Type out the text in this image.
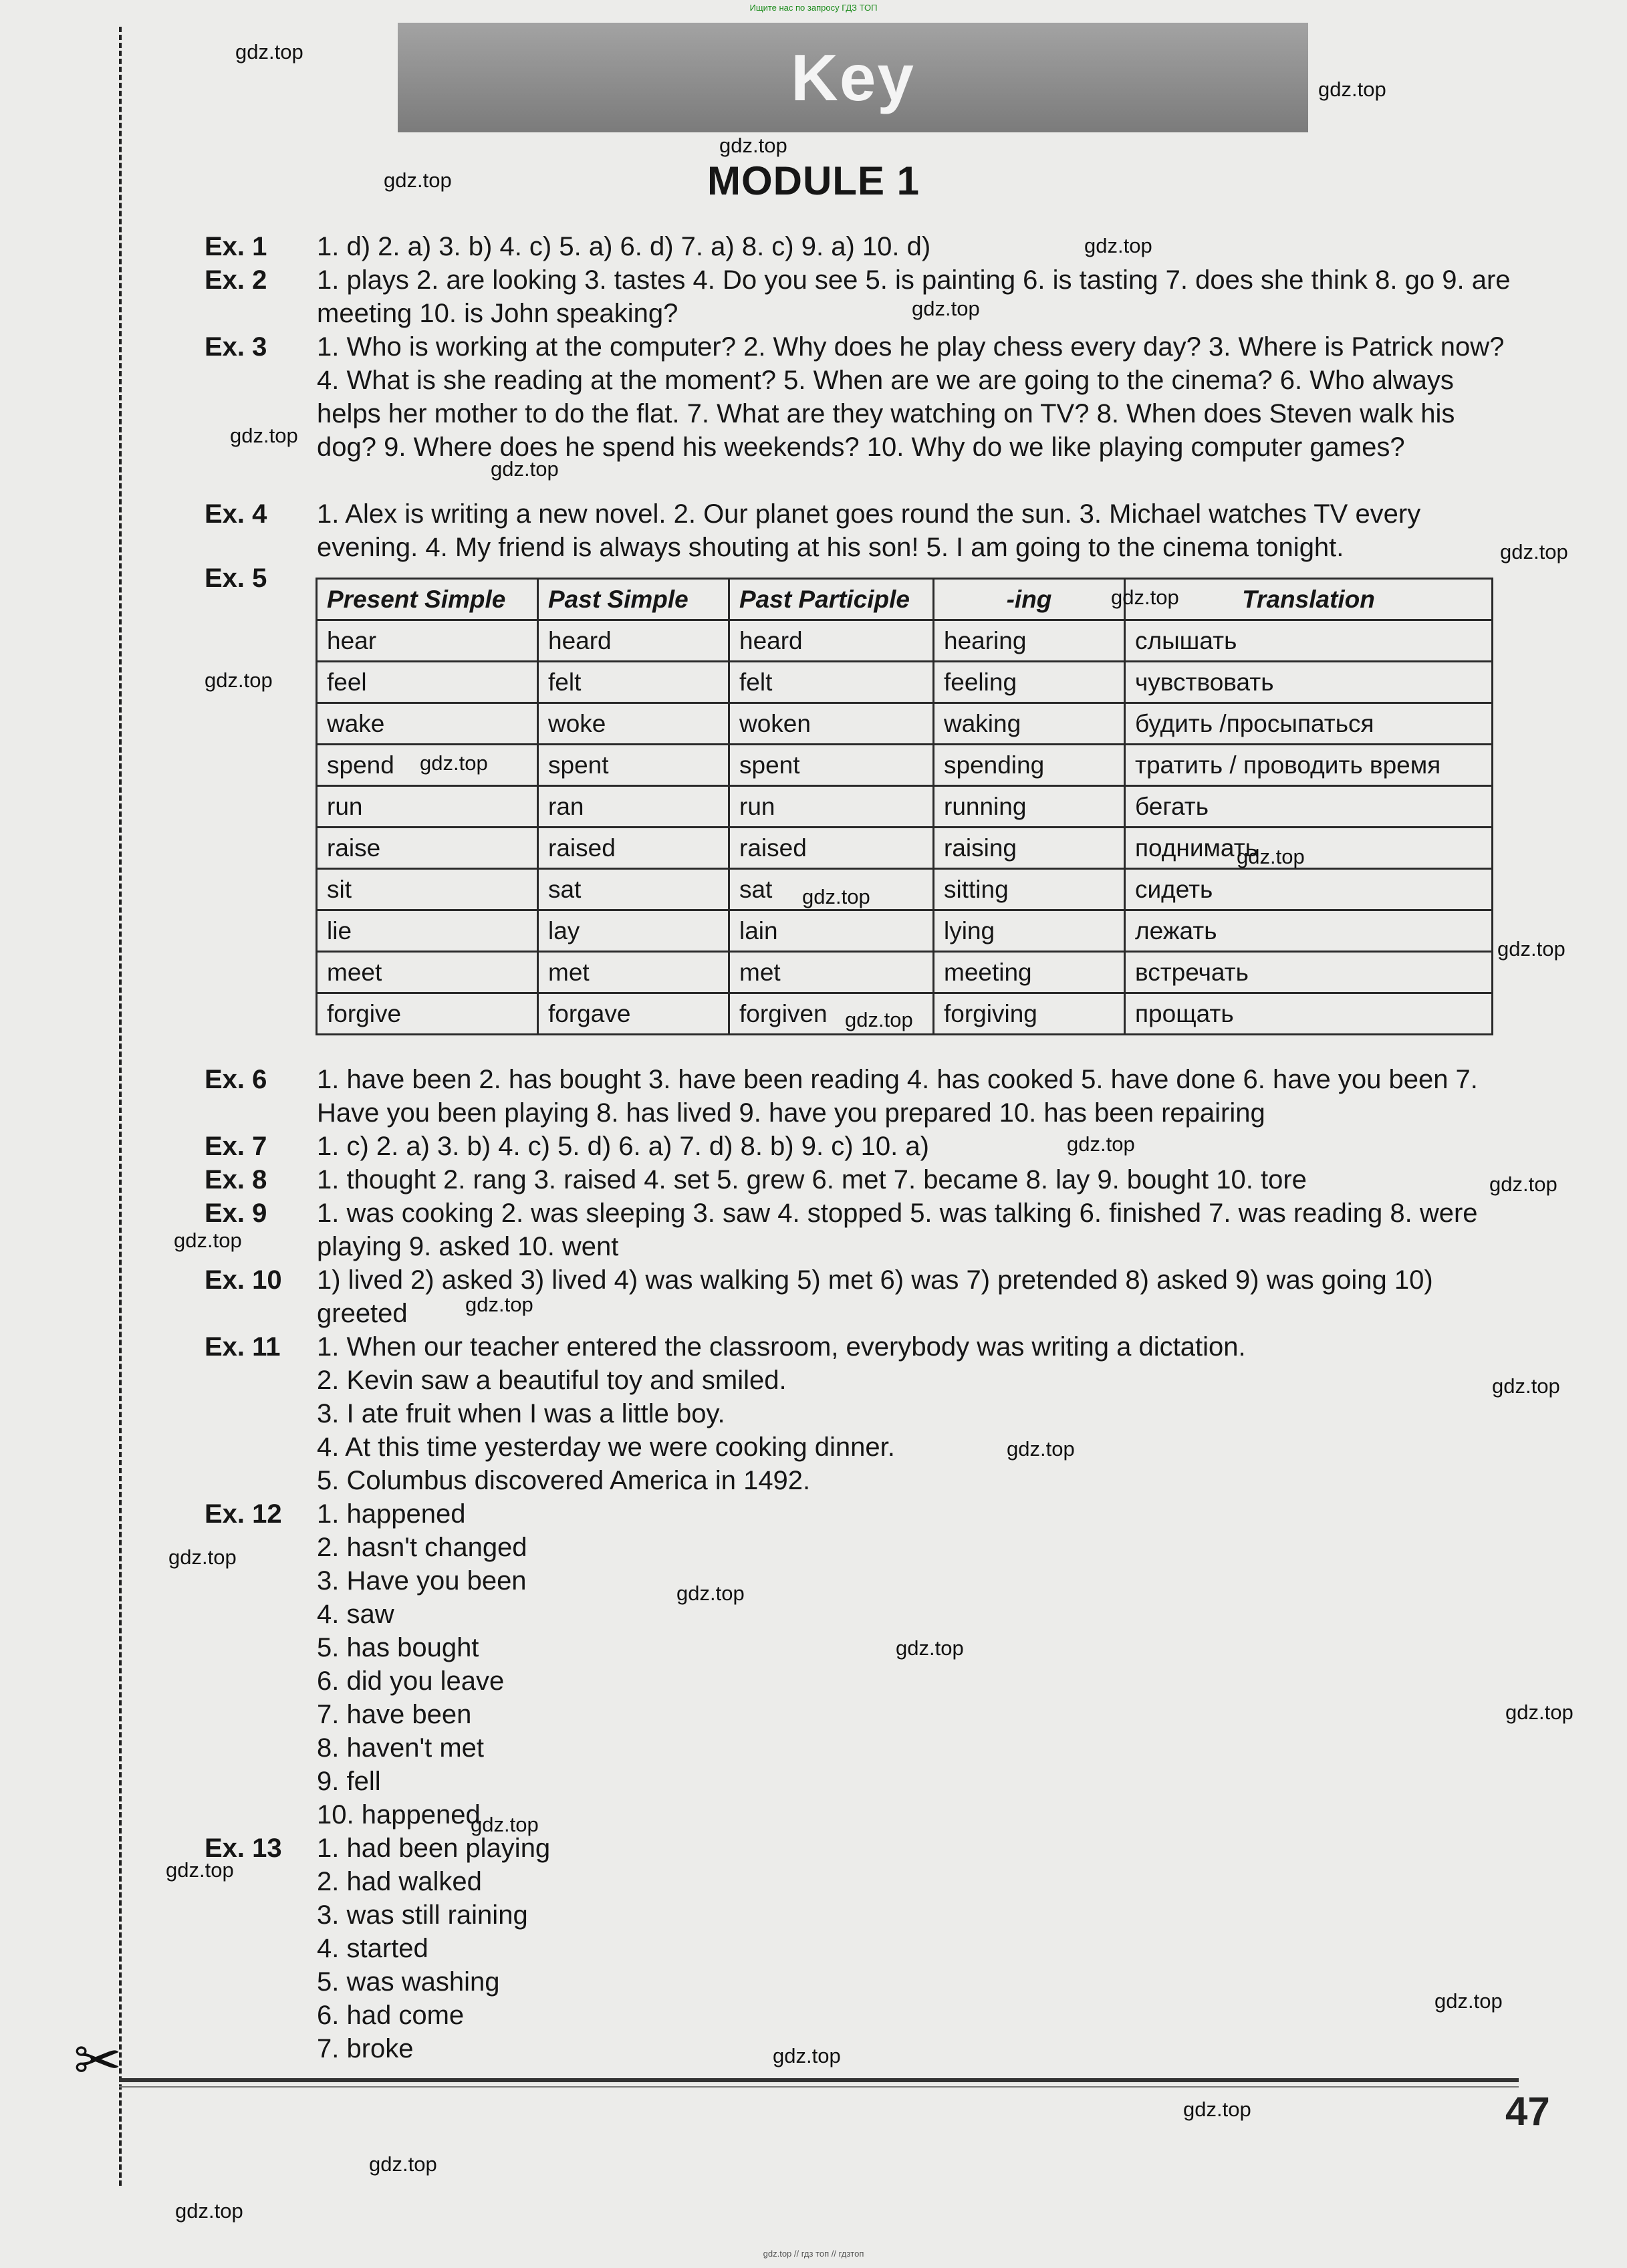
Ищите нас по запросу ГДЗ ТОП
✂
Key
MODULE 1
Ex. 1 1. d) 2. a) 3. b) 4. c) 5. a) 6. d) 7. a) 8. c) 9. a) 10. d)
Ex. 2 1. plays 2. are looking 3. tastes 4. Do you see 5. is painting 6. is tasting 7. does she think 8. go 9. are meeting 10. is John speaking?
Ex. 3 1. Who is working at the computer? 2. Why does he play chess every day? 3. Where is Patrick now? 4. What is she reading at the moment? 5. When are we are going to the cinema? 6. Who always helps her mother to do the flat. 7. What are they watching on TV? 8. When does Steven walk his dog? 9. Where does he spend his weekends? 10. Why do we like playing computer games?
Ex. 4 1. Alex is writing a new novel. 2. Our planet goes round the sun. 3. Michael watches TV every evening. 4. My friend is always shouting at his son! 5. I am going to the cinema tonight.
Ex. 5
Present Simple	Past Simple	Past Participle	-ing	Translation
hear	heard	heard	hearing	слышать
feel	felt	felt	feeling	чувствовать
wake	woke	woken	waking	будить /просыпаться
spend	spent	spent	spending	тратить / проводить время
run	ran	run	running	бегать
raise	raised	raised	raising	поднимать
sit	sat	sat	sitting	сидеть
lie	lay	lain	lying	лежать
meet	met	met	meeting	встречать
forgive	forgave	forgiven	forgiving	прощать
Ex. 6 1. have been 2. has bought 3. have been reading 4. has cooked 5. have done 6. have you been 7. Have you been playing 8. has lived 9. have you prepared 10. has been repairing
Ex. 7 1. c) 2. a) 3. b) 4. c) 5. d) 6. a) 7. d) 8. b) 9. c) 10. a)
Ex. 8 1. thought 2. rang 3. raised 4. set 5. grew 6. met 7. became 8. lay 9. bought 10. tore
Ex. 9 1. was cooking 2. was sleeping 3. saw 4. stopped 5. was talking 6. finished 7. was reading 8. were playing 9. asked 10. went
Ex. 10 1) lived 2) asked 3) lived 4) was walking 5) met 6) was 7) pretended 8) asked 9) was going 10) greeted
Ex. 11 1. When our teacher entered the classroom, everybody was writing a dictation.
2. Kevin saw a beautiful toy and smiled.
3. I ate fruit when I was a little boy.
4. At this time yesterday we were cooking dinner.
5. Columbus discovered America in 1492.
Ex. 12 1. happened
2. hasn't changed
3. Have you been
4. saw
5. has bought
6. did you leave
7. have been
8. haven't met
9. fell
10. happened
Ex. 13 1. had been playing
2. had walked
3. was still raining
4. started
5. was washing
6. had come
7. broke
47
gdz.top // гдз топ // гдзтоп
gdz.top
gdz.top
gdz.top
gdz.top
gdz.top
gdz.top
gdz.top
gdz.top
gdz.top
gdz.top
gdz.top
gdz.top
gdz.top
gdz.top
gdz.top
gdz.top
gdz.top
gdz.top
gdz.top
gdz.top
gdz.top
gdz.top
gdz.top
gdz.top
gdz.top
gdz.top
gdz.top
gdz.top
gdz.top
gdz.top
gdz.top
gdz.top
gdz.top
